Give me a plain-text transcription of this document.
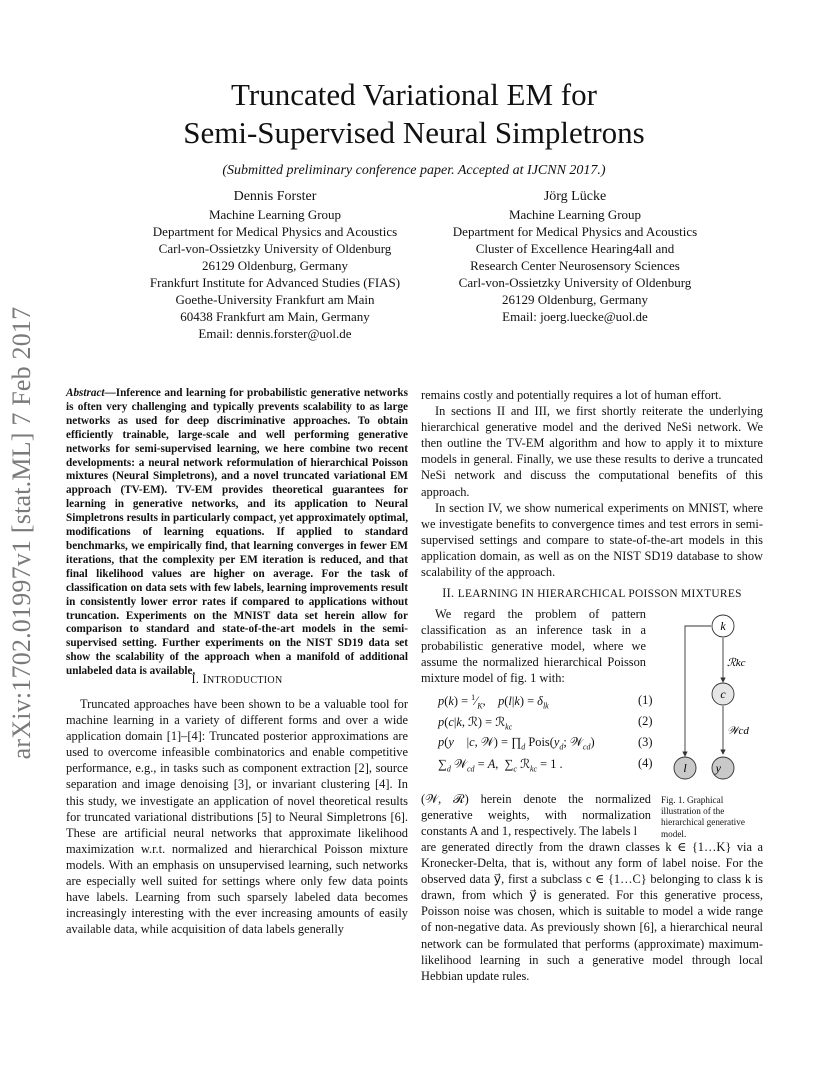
arXiv:1702.01997v1 [stat.ML] 7 Feb 2017
Truncated Variational EM for
Semi-Supervised Neural Simpletrons
(Submitted preliminary conference paper. Accepted at IJCNN 2017.)
Dennis Forster
Machine Learning Group
Department for Medical Physics and Acoustics
Carl-von-Ossietzky University of Oldenburg
26129 Oldenburg, Germany
Frankfurt Institute for Advanced Studies (FIAS)
Goethe-University Frankfurt am Main
60438 Frankfurt am Main, Germany
Email: dennis.forster@uol.de
Jörg Lücke
Machine Learning Group
Department for Medical Physics and Acoustics
Cluster of Excellence Hearing4all and
Research Center Neurosensory Sciences
Carl-von-Ossietzky University of Oldenburg
26129 Oldenburg, Germany
Email: joerg.luecke@uol.de
Abstract—Inference and learning for probabilistic generative networks is often very challenging and typically prevents scalability to as large networks as used for deep discriminative approaches. To obtain efficiently trainable, large-scale and well performing generative networks for semi-supervised learning, we here combine two recent developments: a neural network reformulation of hierarchical Poisson mixtures (Neural Simpletrons), and a novel truncated variational EM approach (TV-EM). TV-EM provides theoretical guarantees for learning in generative networks, and its application to Neural Simpletrons results in particularly compact, yet approximately optimal, modifications of learning equations. If applied to standard benchmarks, we empirically find, that learning converges in fewer EM iterations, that the complexity per EM iteration is reduced, and that final likelihood values are higher on average. For the task of classification on data sets with few labels, learning improvements result in consistently lower error rates if compared to applications without truncation. Experiments on the MNIST data set herein allow for comparison to standard and state-of-the-art models in the semi-supervised setting. Further experiments on the NIST SD19 data set show the scalability of the approach when a manifold of additional unlabeled data is available.
I. INTRODUCTION

Truncated approaches have been shown to be a valuable tool for machine learning in a variety of different forms and over a wide application domain [1]–[4]: Truncated posterior approximations are used to overcome infeasible combinatorics and enable competitive performance, e.g., in tasks such as component extraction [2], source separation and image denoising [3], or invariant clustering [4]. In this study, we investigate an application of novel theoretical results for truncated variational distributions [5] to Neural Simpletrons [6]. These are artificial neural networks that approximate likelihood maximization w.r.t. normalized and hierarchical Poisson mixture models. With an emphasis on unsupervised learning, such networks are especially well suited for settings where only few data points have labels. Learning from such sparsely labeled data becomes increasingly interesting with the ever increasing amounts of easily available data, while acquisition of data labels generally

remains costly and potentially requires a lot of human effort.

In sections II and III, we first shortly reiterate the underlying hierarchical generative model and the derived NeSi network. We then outline the TV-EM algorithm and how to apply it to mixture models in general. Finally, we use these results to derive a truncated NeSi network and discuss the computational benefits of this approach.

In section IV, we show numerical experiments on MNIST, where we investigate benefits to convergence times and test errors in semi-supervised settings and compare to state-of-the-art models in this application domain, as well as on the NIST SD19 database to show scalability of the approach.

II. LEARNING IN HIERARCHICAL POISSON MIXTURES

We regard the problem of pattern classification as an inference task in a probabilistic generative model, where we assume the normalized hierarchical Poisson mixture model of fig. 1 with:

$p(k) = ^1⁄_K$,    $p(l|k) = \delta_{lk}$	(1)
p(c|k, ℛ) = ℛ$_{kc}$	(2)
p(y⃗ |c, 𝒲) = $\prod_d$ $Pois(y_d$; 𝒲$_{cd}$)	(3)
$\sum_d$ 𝒲$_{cd}$ = A,  $\sum_c$ ℛ$_{kc}$ = 1 .	(4)

(𝒲, ℛ) herein denote the normalized generative weights, with normalization constants A and 1, respectively. The labels l

are generated directly from the drawn classes k ∈ {1…K} via a Kronecker-Delta, that is, without any form of label noise. For the observed data y⃗, first a subclass c ∈ {1…C} belonging to class k is drawn, from which y⃗ is generated. For this generative process, Poisson noise was chosen, which is suitable to model a wide range of non-negative data. As previously shown [6], a hierarchical neural network can be formulated that performs (approximate) maximum-likelihood learning in such a generative model through local Hebbian update rules.

k
c
l y⃗
ℛkc
𝒲cd
Fig. 1. Graphical illustration of the hierarchical generative model.
